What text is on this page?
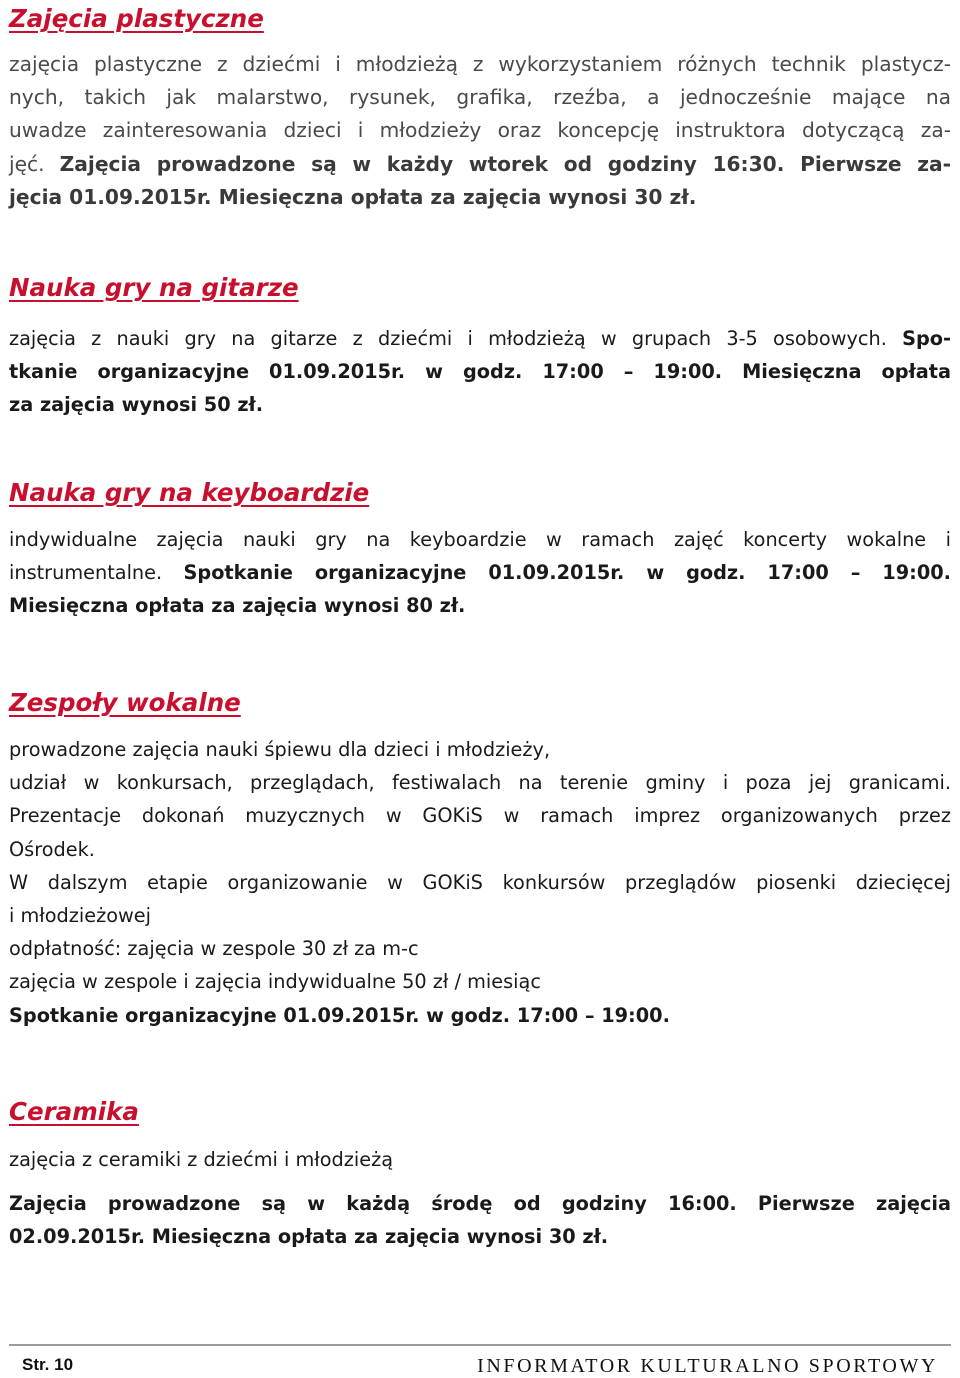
Zajęcia plastyczne
zajęcia plastyczne z dziećmi i młodzieżą z wykorzystaniem różnych technik plastycz-
nych, takich jak malarstwo, rysunek, grafika, rzeźba, a jednocześnie mające na
uwadze zainteresowania dzieci i młodzieży oraz koncepcję instruktora dotyczącą za-
jęć. Zajęcia prowadzone są w każdy wtorek od godziny 16:30. Pierwsze za-
jęcia 01.09.2015r. Miesięczna opłata za zajęcia wynosi 30 zł.
Nauka gry na gitarze
zajęcia z nauki gry na gitarze z dziećmi i młodzieżą w grupach 3-5 osobowych. Spo-
tkanie organizacyjne 01.09.2015r. w godz. 17:00 – 19:00. Miesięczna opłata
za zajęcia wynosi 50 zł.
Nauka gry na keyboardzie
indywidualne zajęcia nauki gry na keyboardzie w ramach zajęć koncerty wokalne i
instrumentalne. Spotkanie organizacyjne 01.09.2015r. w godz. 17:00 – 19:00.
Miesięczna opłata za zajęcia wynosi 80 zł.
Zespoły wokalne
prowadzone zajęcia nauki śpiewu dla dzieci i młodzieży,
udział w konkursach, przeglądach, festiwalach na terenie gminy i poza jej granicami.
Prezentacje dokonań muzycznych w GOKiS w ramach imprez organizowanych przez
Ośrodek.
W dalszym etapie organizowanie w GOKiS konkursów przeglądów piosenki dziecięcej
i młodzieżowej
odpłatność: zajęcia w zespole 30 zł za m-c
zajęcia w zespole i zajęcia indywidualne 50 zł / miesiąc
Spotkanie organizacyjne 01.09.2015r. w godz. 17:00 – 19:00.
Ceramika
zajęcia z ceramiki z dziećmi i młodzieżą
Zajęcia prowadzone są w każdą środę od godziny 16:00. Pierwsze zajęcia
02.09.2015r. Miesięczna opłata za zajęcia wynosi 30 zł.
Str. 10	INFORMATOR KULTURALNO SPORTOWY
